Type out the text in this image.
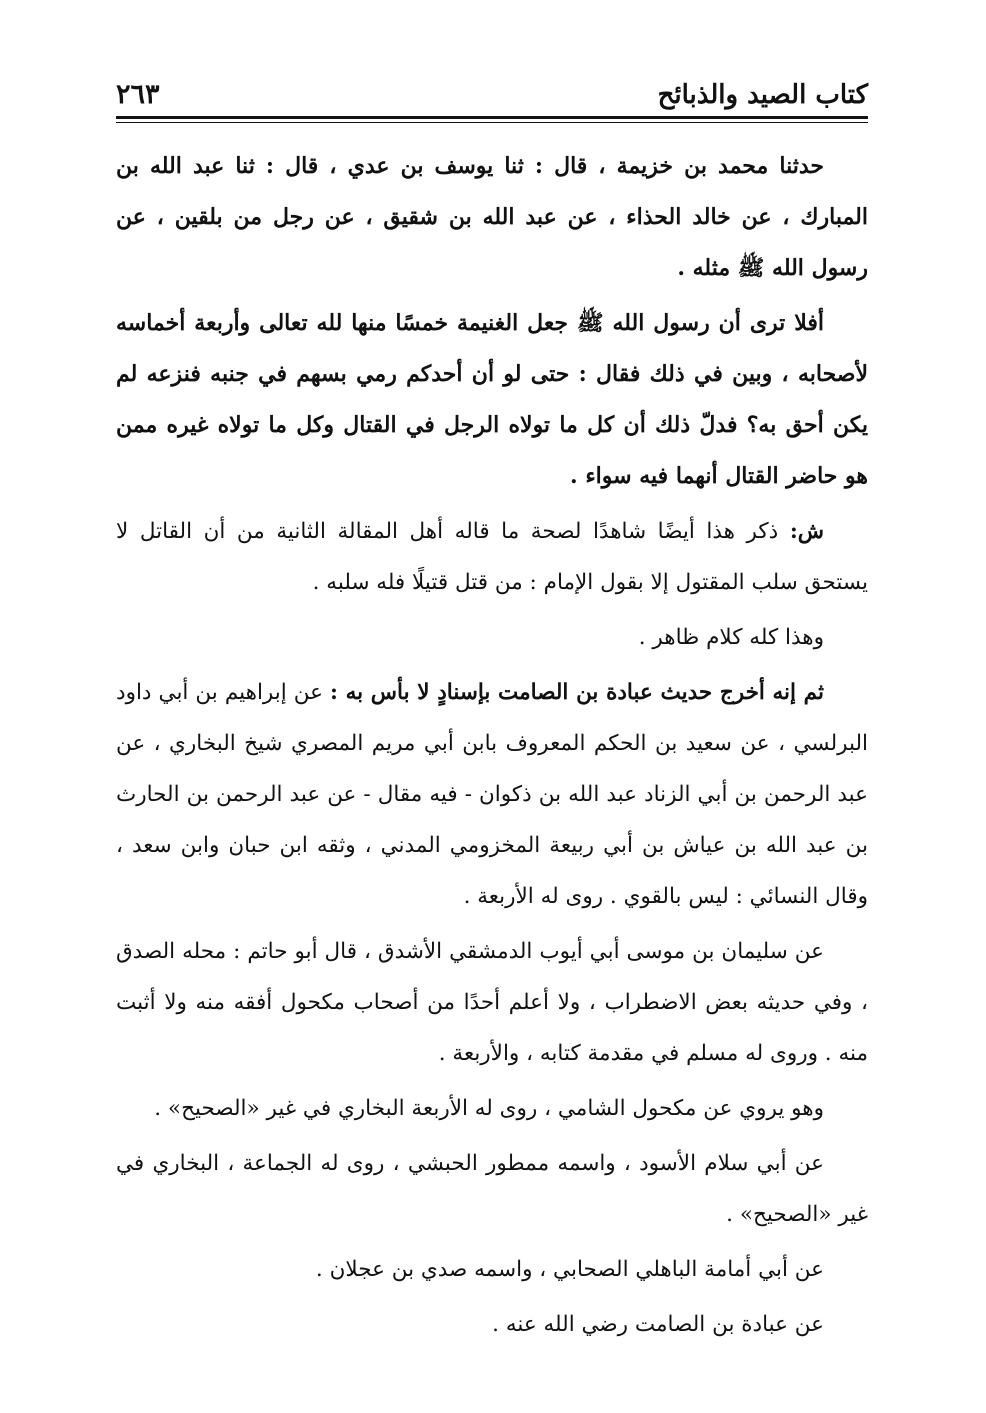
كتاب الصيد والذبائح
٢٦٣

حدثنا محمد بن خزيمة ، قال : ثنا يوسف بن عدي ، قال : ثنا عبد الله بن المبارك ، عن خالد الحذاء ، عن عبد الله بن شقيق ، عن رجل من بلقين ، عن رسول الله ﷺ مثله .

أفلا ترى أن رسول الله ﷺ جعل الغنيمة خمسًا منها لله تعالى وأربعة أخماسه لأصحابه ، وبين في ذلك فقال : حتى لو أن أحدكم رمي بسهم في جنبه فنزعه لم يكن أحق به؟ فدلّ ذلك أن كل ما تولاه الرجل في القتال وكل ما تولاه غيره ممن هو حاضر القتال أنهما فيه سواء .

ش: ذكر هذا أيضًا شاهدًا لصحة ما قاله أهل المقالة الثانية من أن القاتل لا يستحق سلب المقتول إلا بقول الإمام : من قتل قتيلًا فله سلبه .

وهذا كله كلام ظاهر .

ثم إنه أخرج حديث عبادة بن الصامت بإسنادٍ لا بأس به : عن إبراهيم بن أبي داود البرلسي ، عن سعيد بن الحكم المعروف بابن أبي مريم المصري شيخ البخاري ، عن عبد الرحمن بن أبي الزناد عبد الله بن ذكوان - فيه مقال - عن عبد الرحمن بن الحارث بن عبد الله بن عياش بن أبي ربيعة المخزومي المدني ، وثقه ابن حبان وابن سعد ، وقال النسائي : ليس بالقوي . روى له الأربعة .

عن سليمان بن موسى أبي أيوب الدمشقي الأشدق ، قال أبو حاتم : محله الصدق ، وفي حديثه بعض الاضطراب ، ولا أعلم أحدًا من أصحاب مكحول أفقه منه ولا أثبت منه . وروى له مسلم في مقدمة كتابه ، والأربعة .

وهو يروي عن مكحول الشامي ، روى له الأربعة البخاري في غير «الصحيح» .

عن أبي سلام الأسود ، واسمه ممطور الحبشي ، روى له الجماعة ، البخاري في غير «الصحيح» .

عن أبي أمامة الباهلي الصحابي ، واسمه صدي بن عجلان .

عن عبادة بن الصامت رضي الله عنه .
